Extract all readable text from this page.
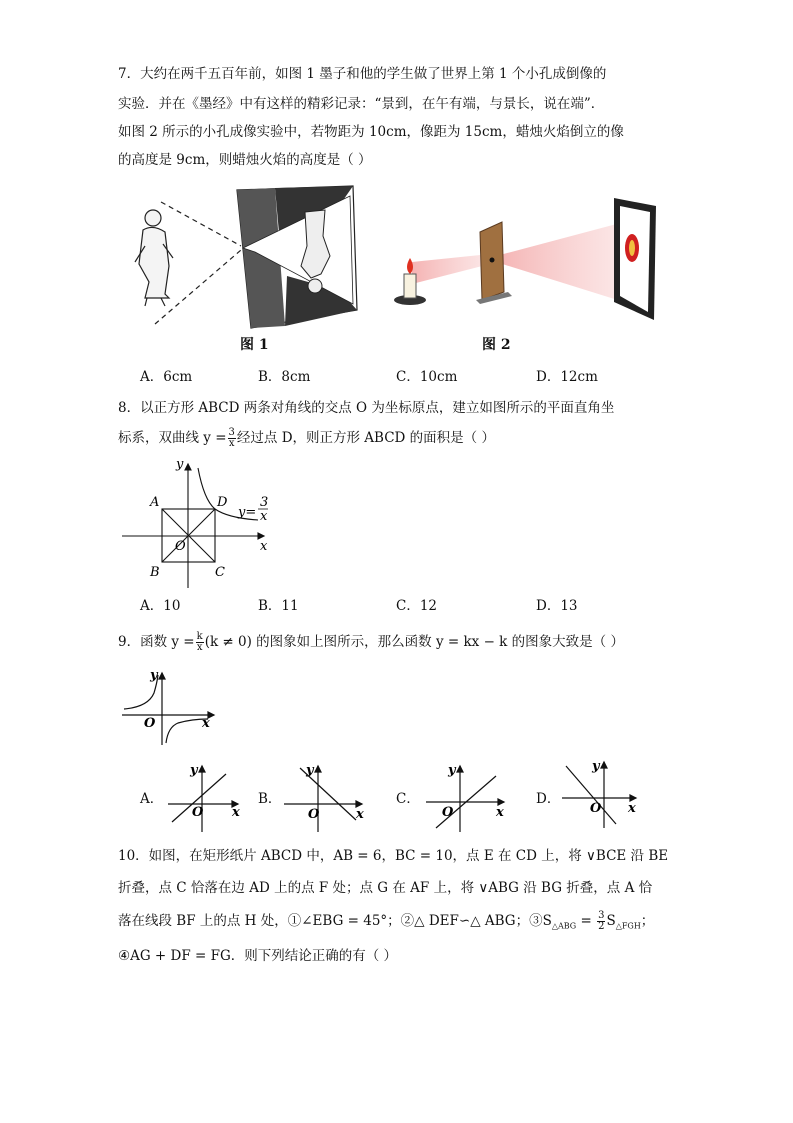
7．大约在两千五百年前，如图 1 墨子和他的学生做了世界上第 1 个小孔成倒像的
实验．并在《墨经》中有这样的精彩记录：“景到，在午有端，与景长，说在端”．
如图 2 所示的小孔成像实验中，若物距为 10cm，像距为 15cm，蜡烛火焰倒立的像
的高度是 9cm，则蜡烛火焰的高度是（ ）
图 1	图 2
A．6cm	B．8cm	C．10cm	D．12cm
8．以正方形 ABCD 两条对角线的交点 O 为坐标原点，建立如图所示的平面直角坐
标系，双曲线 $y = \frac{3}{x}$ 经过点 D，则正方形 ABCD 的面积是（ ）
y
x
A
B	C
D
O
y=
3
x
A．10	B．11	C．12	D．13
9．函数 $y = \frac{k}{x} (k \ne 0)$ 的图象如上图所示，那么函数 y = kx − k 的图象大致是（ ）
y
O	x
A．	B．	C．	D．
y
O x
y
O	x
y
O	x
y
O x
10．如图，在矩形纸片 ABCD 中，AB = 6，BC = 10，点 E 在 CD 上，将 ∨BCE 沿 BE
折叠，点 C 恰落在边 AD 上的点 F 处；点 G 在 AF 上，将 ∨ABG 沿 BG 折叠，点 A 恰
落在线段 BF 上的点 H 处，①∠EBG = 45°；②△ DEF∽△ ABG；$③S_{\triangle ABG} = \frac{3}{2} S_{\triangle FGH}$；
④AG + DF = FG．则下列结论正确的有（ ）
